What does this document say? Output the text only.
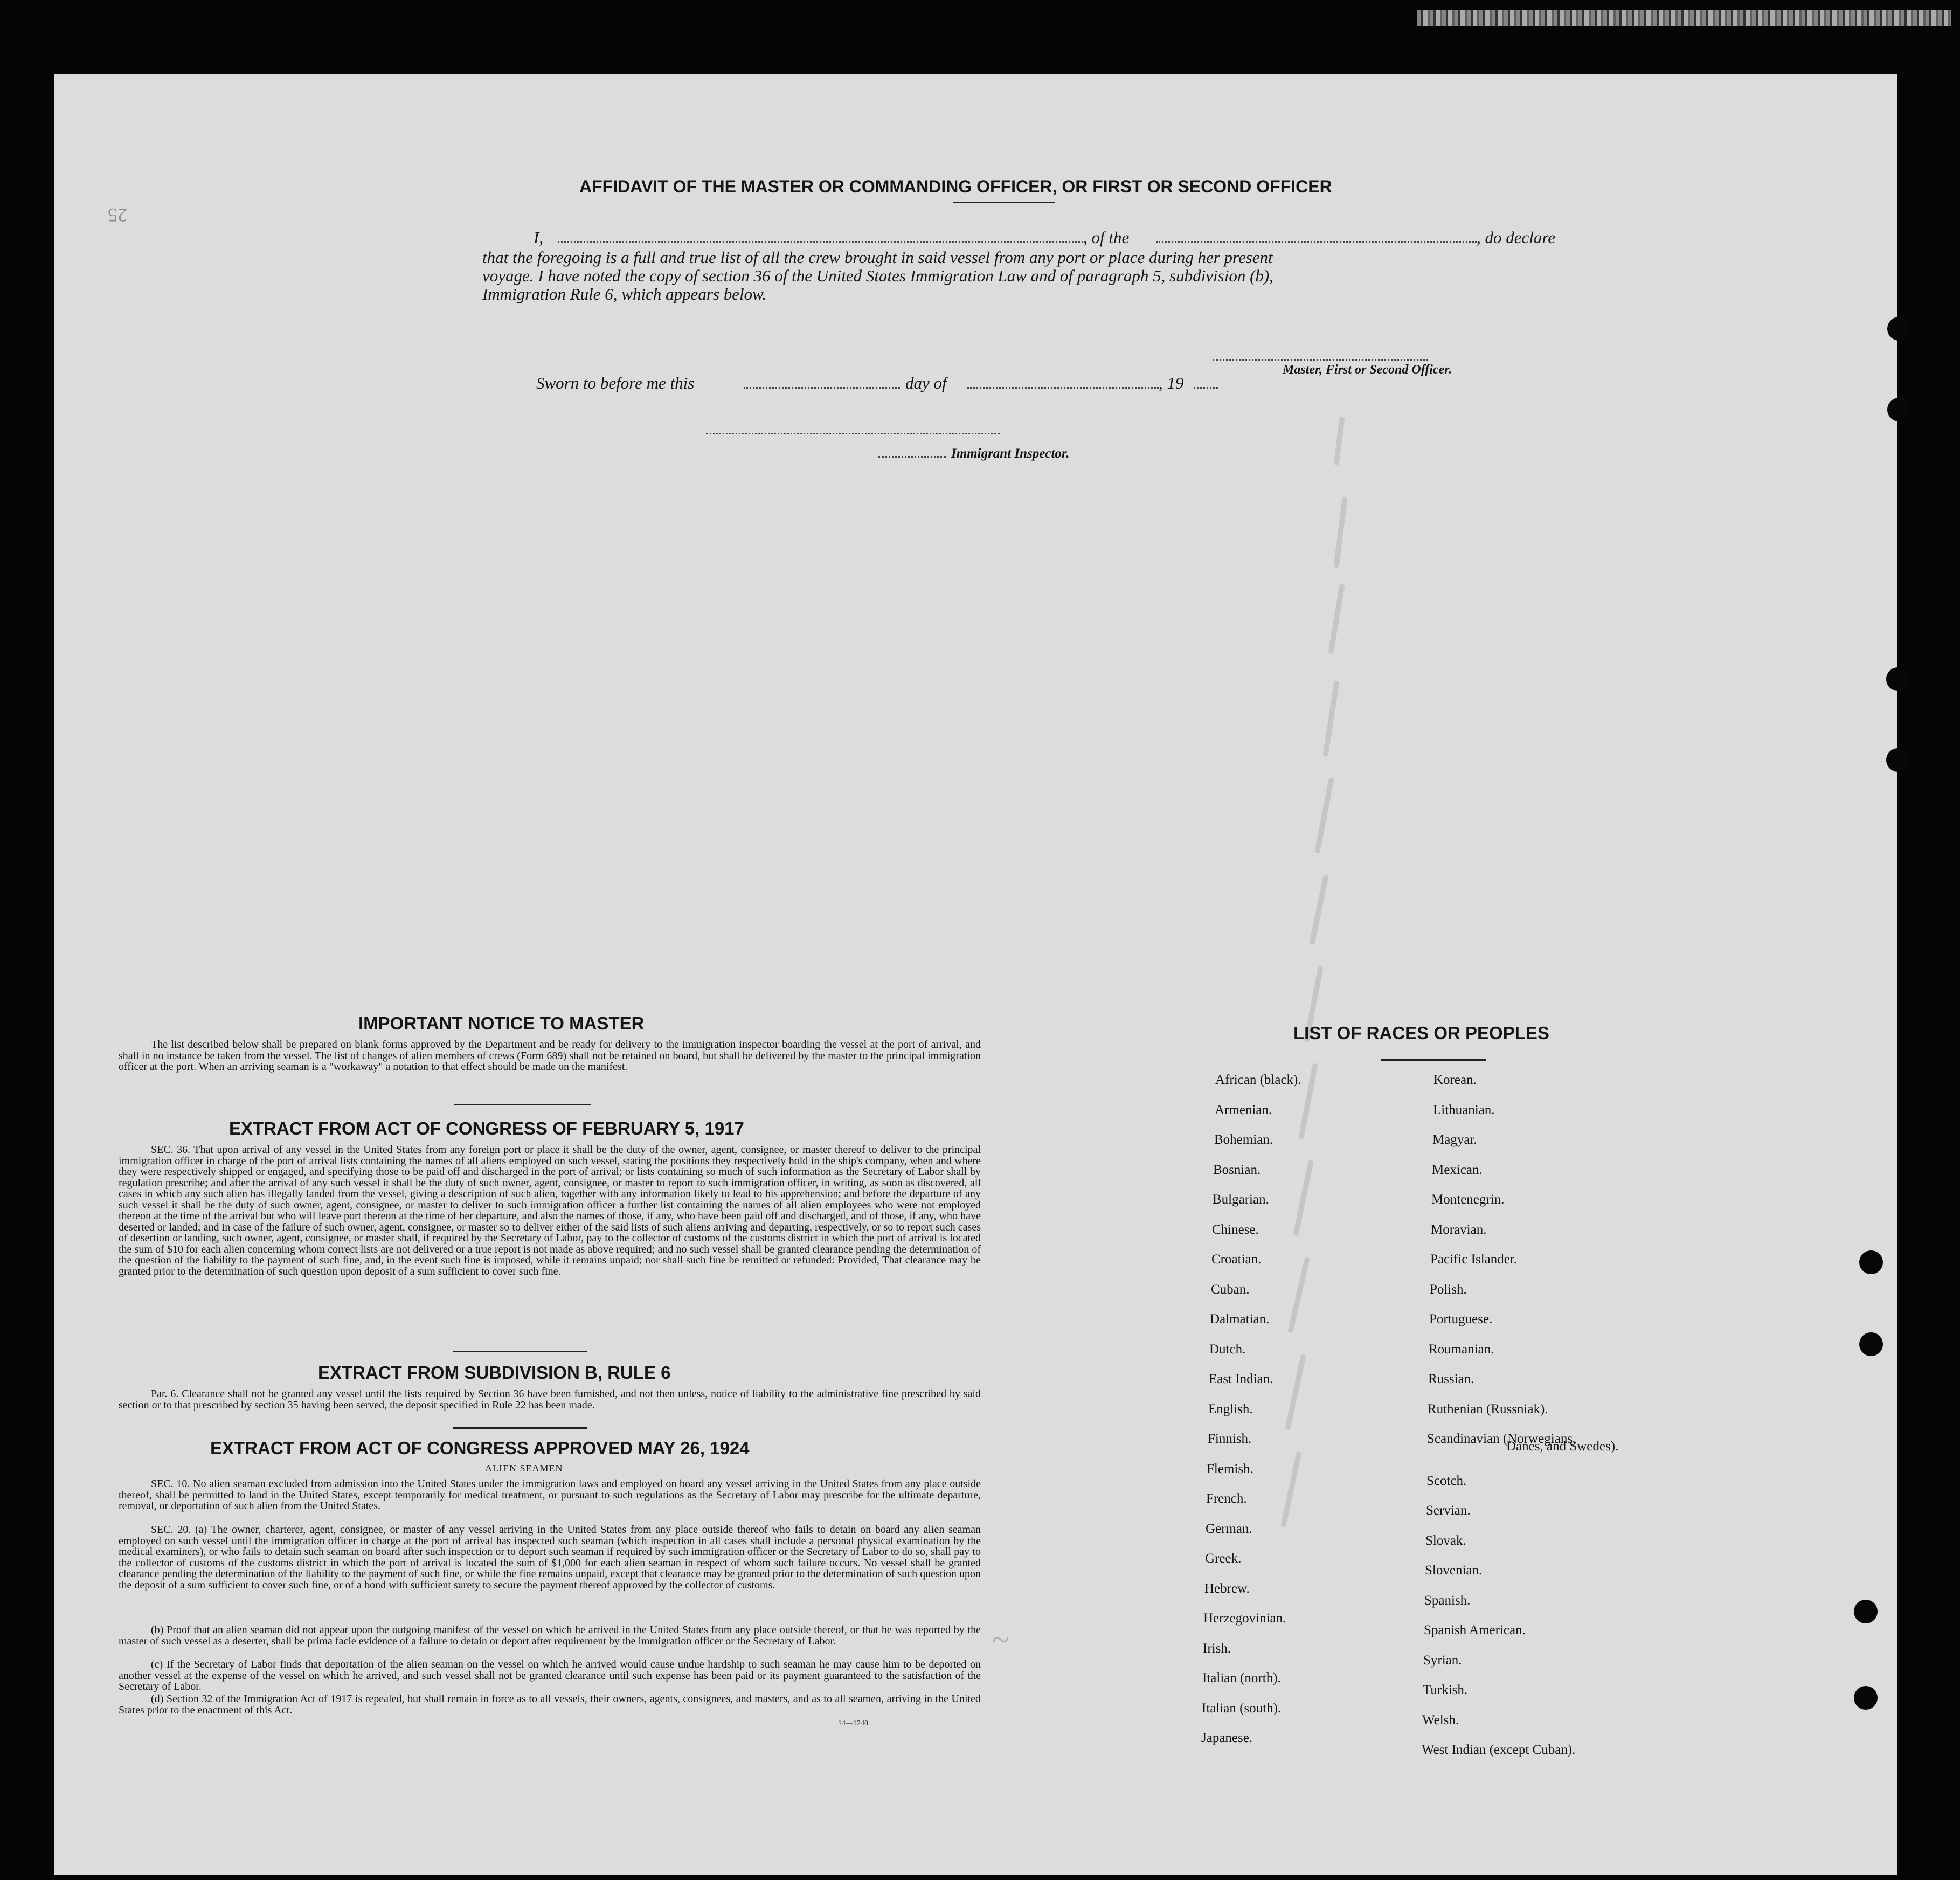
AFFIDAVIT OF THE MASTER OR COMMANDING OFFICER, OR FIRST OR SECOND OFFICER
I,	, of the	, do declare
that the foregoing is a full and true list of all the crew brought in said vessel from any port or place during her present
voyage. I have noted the copy of section 36 of the United States Immigration Law and of paragraph 5, subdivision (b),
Immigration Rule 6, which appears below.
Master, First or Second Officer.
Sworn to before me this	day of	, 19
Immigrant Inspector.
25
~
IMPORTANT NOTICE TO MASTER
The list described below shall be prepared on blank forms approved by the Department and be ready for delivery to the immigration inspector boarding the vessel at the port of arrival, and shall in no instance be taken from the vessel. The list of changes of alien members of crews (Form 689) shall not be retained on board, but shall be delivered by the master to the principal immigration officer at the port. When an arriving seaman is a "workaway" a notation to that effect should be made on the manifest.
EXTRACT FROM ACT OF CONGRESS OF FEBRUARY 5, 1917
SEC. 36. That upon arrival of any vessel in the United States from any foreign port or place it shall be the duty of the owner, agent, consignee, or master thereof to deliver to the principal immigration officer in charge of the port of arrival lists containing the names of all aliens employed on such vessel, stating the positions they respectively hold in the ship's company, when and where they were respectively shipped or engaged, and specifying those to be paid off and discharged in the port of arrival; or lists containing so much of such information as the Secretary of Labor shall by regulation prescribe; and after the arrival of any such vessel it shall be the duty of such owner, agent, consignee, or master to report to such immigration officer, in writing, as soon as discovered, all cases in which any such alien has illegally landed from the vessel, giving a description of such alien, together with any information likely to lead to his apprehension; and before the departure of any such vessel it shall be the duty of such owner, agent, consignee, or master to deliver to such immigration officer a further list containing the names of all alien employees who were not employed thereon at the time of the arrival but who will leave port thereon at the time of her departure, and also the names of those, if any, who have been paid off and discharged, and of those, if any, who have deserted or landed; and in case of the failure of such owner, agent, consignee, or master so to deliver either of the said lists of such aliens arriving and departing, respectively, or so to report such cases of desertion or landing, such owner, agent, consignee, or master shall, if required by the Secretary of Labor, pay to the collector of customs of the customs district in which the port of arrival is located the sum of $10 for each alien concerning whom correct lists are not delivered or a true report is not made as above required; and no such vessel shall be granted clearance pending the determination of the question of the liability to the payment of such fine, and, in the event such fine is imposed, while it remains unpaid; nor shall such fine be remitted or refunded: Provided, That clearance may be granted prior to the determination of such question upon deposit of a sum sufficient to cover such fine.
EXTRACT FROM SUBDIVISION B, RULE 6
Par. 6. Clearance shall not be granted any vessel until the lists required by Section 36 have been furnished, and not then unless, notice of liability to the administrative fine prescribed by said section or to that prescribed by section 35 having been served, the deposit specified in Rule 22 has been made.
EXTRACT FROM ACT OF CONGRESS APPROVED MAY 26, 1924
ALIEN SEAMEN
SEC. 10. No alien seaman excluded from admission into the United States under the immigration laws and employed on board any vessel arriving in the United States from any place outside thereof, shall be permitted to land in the United States, except temporarily for medical treatment, or pursuant to such regulations as the Secretary of Labor may prescribe for the ultimate departure, removal, or deportation of such alien from the United States.
SEC. 20. (a) The owner, charterer, agent, consignee, or master of any vessel arriving in the United States from any place outside thereof who fails to detain on board any alien seaman employed on such vessel until the immigration officer in charge at the port of arrival has inspected such seaman (which inspection in all cases shall include a personal physical examination by the medical examiners), or who fails to detain such seaman on board after such inspection or to deport such seaman if required by such immigration officer or the Secretary of Labor to do so, shall pay to the collector of customs of the customs district in which the port of arrival is located the sum of $1,000 for each alien seaman in respect of whom such failure occurs. No vessel shall be granted clearance pending the determination of the liability to the payment of such fine, or while the fine remains unpaid, except that clearance may be granted prior to the determination of such question upon the deposit of a sum sufficient to cover such fine, or of a bond with sufficient surety to secure the payment thereof approved by the collector of customs.
(b) Proof that an alien seaman did not appear upon the outgoing manifest of the vessel on which he arrived in the United States from any place outside thereof, or that he was reported by the master of such vessel as a deserter, shall be prima facie evidence of a failure to detain or deport after requirement by the immigration officer or the Secretary of Labor.
(c) If the Secretary of Labor finds that deportation of the alien seaman on the vessel on which he arrived would cause undue hardship to such seaman he may cause him to be deported on another vessel at the expense of the vessel on which he arrived, and such vessel shall not be granted clearance until such expense has been paid or its payment guaranteed to the satisfaction of the Secretary of Labor.
(d) Section 32 of the Immigration Act of 1917 is repealed, but shall remain in force as to all vessels, their owners, agents, consignees, and masters, and as to all seamen, arriving in the United States prior to the enactment of this Act.
14—1240
LIST OF RACES OR PEOPLES
Danes, and Swedes).
African (black).
Armenian.
Bohemian.
Bosnian.
Bulgarian.
Chinese.
Croatian.
Cuban.
Dalmatian.
Dutch.
East Indian.
English.
Finnish.
Flemish.
French.
German.
Greek.
Hebrew.
Herzegovinian.
Irish.
Italian (north).
Italian (south).
Japanese.
Korean.
Lithuanian.
Magyar.
Mexican.
Montenegrin.
Moravian.
Pacific Islander.
Polish.
Portuguese.
Roumanian.
Russian.
Ruthenian (Russniak).
Scandinavian (Norwegians,
Scotch.
Servian.
Slovak.
Slovenian.
Spanish.
Spanish American.
Syrian.
Turkish.
Welsh.
West Indian (except Cuban).
